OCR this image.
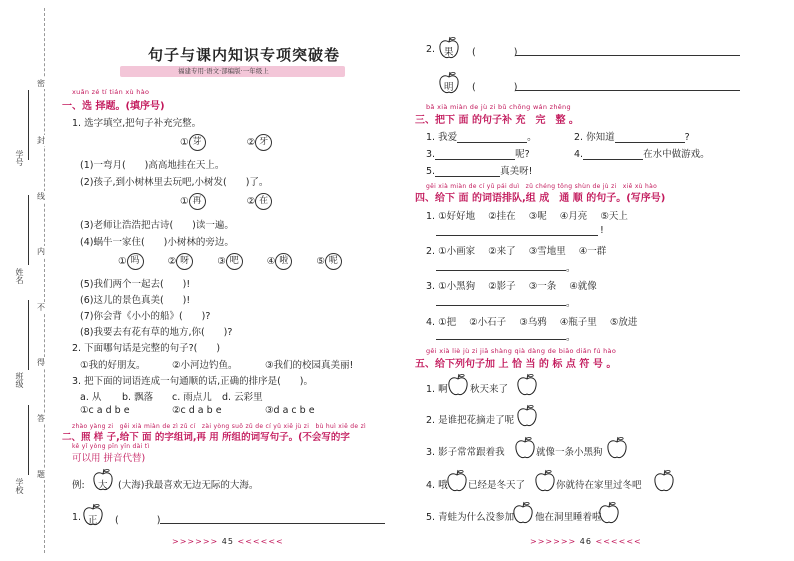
密
封
线
内
不
得
答
题
学号
姓名
班级
学校
句子与课内知识专项突破卷
福建专用·语文·部编版·一年级上
xuǎn zé tí tián xù hào
一、选 择题。(填序号)
1. 选字填空,把句子补充完整。
① 芽	② 牙
(1)一弯月(　　)高高地挂在天上。
(2)孩子,到小树林里去玩吧,小树发(　　)了。
① 再	② 在
(3)老师让浩浩把古诗(　　)读一遍。
(4)蜗牛一家住(　　)小树林的旁边。
① 吗	② 呀	③ 吧	④ 啦	⑤ 呢
(5)我们两个一起去(　　)!
(6)这儿的景色真美(　　)!
(7)你会背《小小的船》(　　)?
(8)我要去有花有草的地方,你(　　)?
2. 下面哪句话是完整的句子?(　　)
①我的好朋友。	②小河边钓鱼。	③我们的校园真美丽!
3. 把下面的词语连成一句通顺的话,正确的排序是(　　)。
a. 从 b. 飘落 c. 雨点儿 d. 云彩里
①c a d b e	②c d a b e	③d a c b e
zhào yàng zi　gěi xià miàn de zì zǔ cí　zài yòng suǒ zǔ de cí yǔ xiě jù zi　bù huì xiě de zì
二、照 样 子,给下 面 的字组词,再 用 所组的词写句子。(不会写的字
kě yǐ yòng pīn yīn dài tì
可以用 拼音代替)
例: 大 (大海)我最喜欢无边无际的大海。
1. 正 (　　　　)
>>>>>> 45 <<<<<<
2. 果 (　　　　)
明 (　　　　)
bǎ xià miàn de jù zi bǔ chōng wán zhěng
三、把下 面 的句子补 充　完　整 。
1. 我爱	。	2. 你知道	?
3.	呢?	4.	在水中做游戏。
5.	真美呀!
gěi xià miàn de cí yǔ pái duì　zǔ chéng tōng shùn de jù zi　xiě xù hào
四、给下 面 的词语排队,组 成　通 顺 的句子。(写序号)
1. ①好好地 ②挂在 ③呢 ④月亮 ⑤天上
!
2. ①小画家 ②来了 ③雪地里 ④一群
。
3. ①小黑狗 ②影子 ③一条 ④就像
。
4. ①把 ②小石子 ③乌鸦 ④瓶子里 ⑤放进
。
gěi xià liè jù zi jiā shàng qià dàng de biāo diǎn fú hào
五、给下列句子加 上 恰 当 的 标 点 符 号 。
1. 啊 秋天来了
2. 是谁把花摘走了呢
3. 影子常常跟着我	就像一条小黑狗
4. 哦 已经是冬天了	你就待在家里过冬吧
5. 青蛙为什么没参加 他在洞里睡着啦
>>>>>> 46 <<<<<<
